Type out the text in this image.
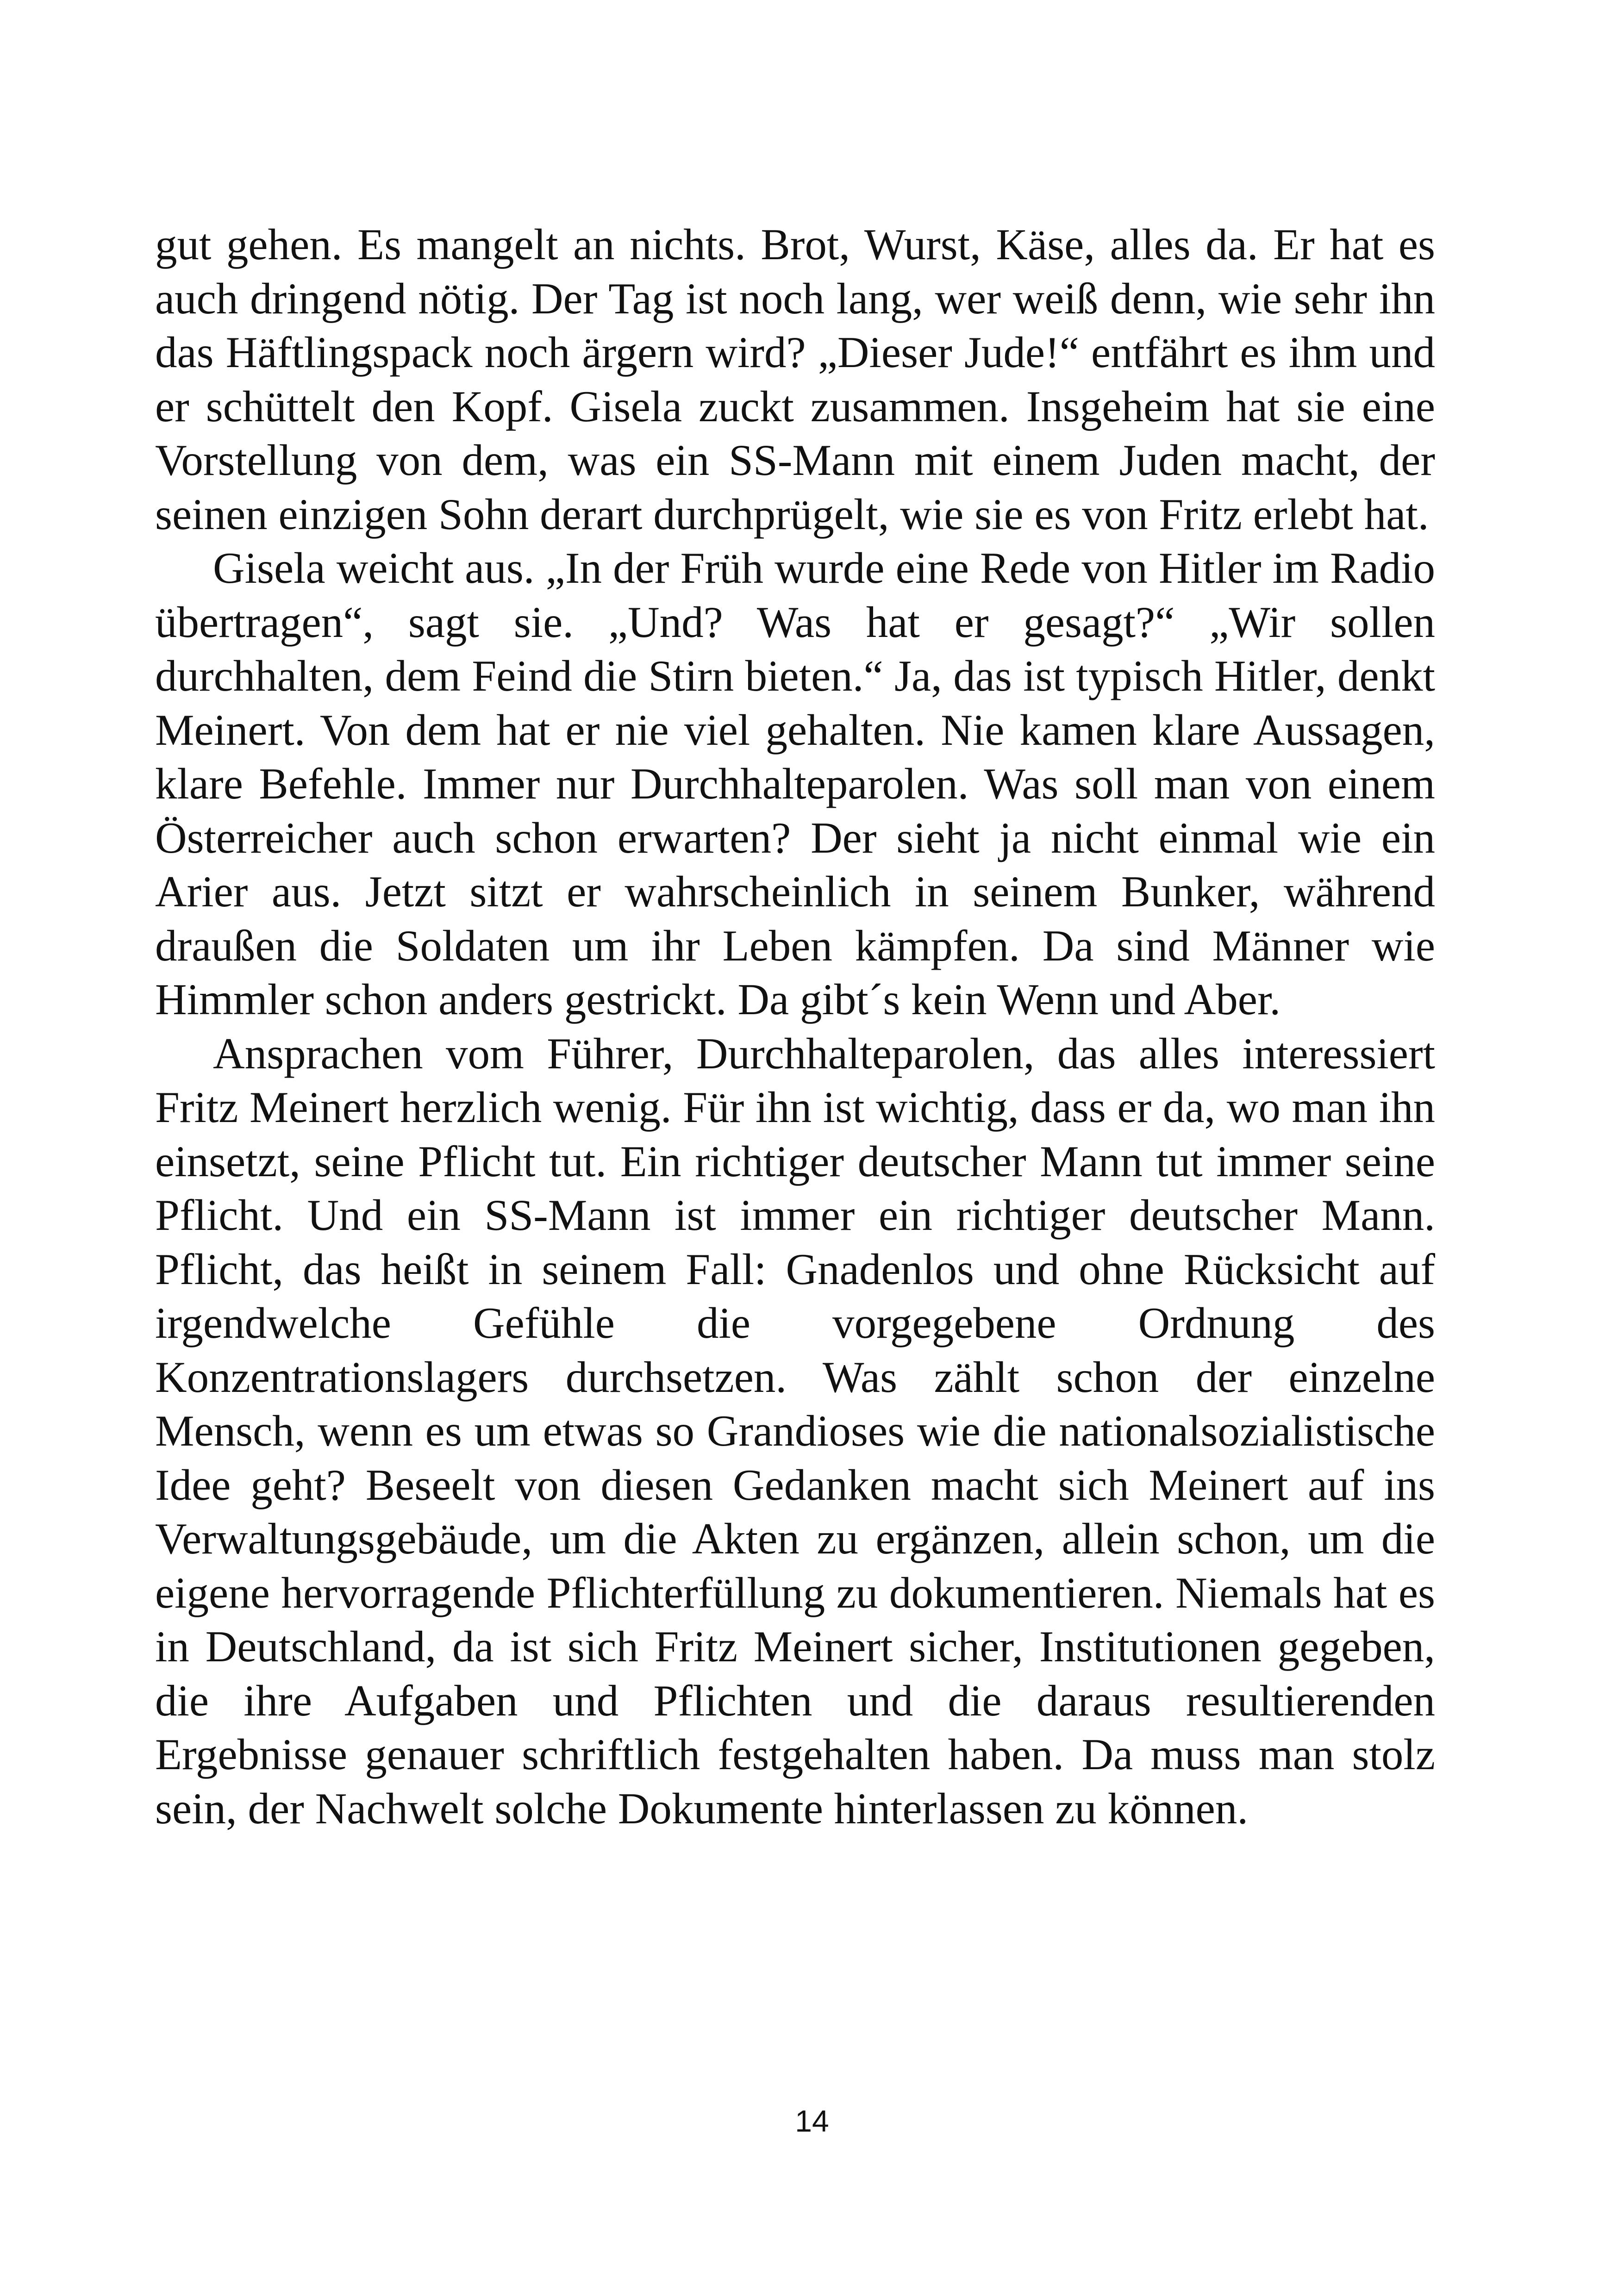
gut gehen. Es mangelt an nichts. Brot, Wurst, Käse, alles da. Er hat es auch dringend nötig. Der Tag ist noch lang, wer weiß denn, wie sehr ihn das Häftlingspack noch ärgern wird? „Dieser Jude!“ entfährt es ihm und er schüttelt den Kopf. Gisela zuckt zusammen. Insgeheim hat sie eine Vorstellung von dem, was ein SS-Mann mit einem Juden macht, der seinen einzigen Sohn derart durchprügelt, wie sie es von Fritz erlebt hat.

Gisela weicht aus. „In der Früh wurde eine Rede von Hitler im Radio übertragen“, sagt sie. „Und? Was hat er gesagt?“ „Wir sollen durchhalten, dem Feind die Stirn bieten.“ Ja, das ist typisch Hitler, denkt Meinert. Von dem hat er nie viel gehalten. Nie kamen klare Aussagen, klare Befehle. Immer nur Durchhalteparolen. Was soll man von einem Österreicher auch schon erwarten? Der sieht ja nicht einmal wie ein Arier aus. Jetzt sitzt er wahrscheinlich in seinem Bunker, während draußen die Soldaten um ihr Leben kämpfen. Da sind Männer wie Himmler schon anders gestrickt. Da gibt´s kein Wenn und Aber.

Ansprachen vom Führer, Durchhalteparolen, das alles interessiert Fritz Meinert herzlich wenig. Für ihn ist wichtig, dass er da, wo man ihn einsetzt, seine Pflicht tut. Ein richtiger deutscher Mann tut immer seine Pflicht. Und ein SS-Mann ist immer ein richtiger deutscher Mann. Pflicht, das heißt in seinem Fall: Gnadenlos und ohne Rücksicht auf irgendwelche Gefühle die vorgegebene Ordnung des Konzentrationslagers durchsetzen. Was zählt schon der einzelne Mensch, wenn es um etwas so Grandioses wie die nationalsozialistische Idee geht? Beseelt von diesen Gedanken macht sich Meinert auf ins Verwaltungsgebäude, um die Akten zu ergänzen, allein schon, um die eigene hervorragende Pflichterfüllung zu dokumentieren. Niemals hat es in Deutschland, da ist sich Fritz Meinert sicher, Institutionen gegeben, die ihre Aufgaben und Pflichten und die daraus resultierenden Ergebnisse genauer schriftlich festgehalten haben. Da muss man stolz sein, der Nachwelt solche Dokumente hinterlassen zu können.

14
